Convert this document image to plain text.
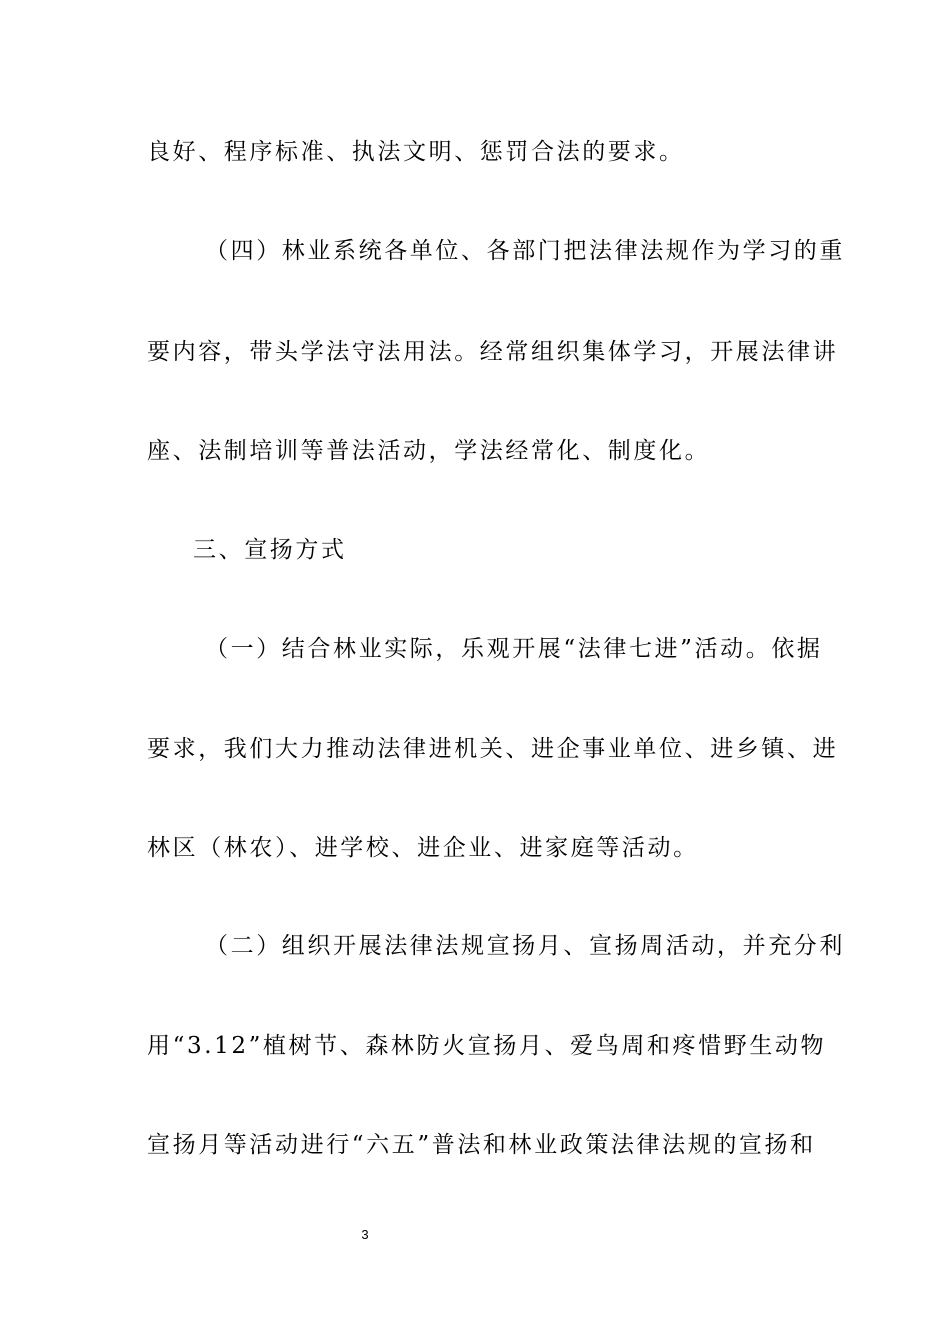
良好、程序标准、执法文明、惩罚合法的要求。
（四）林业系统各单位、各部门把法律法规作为学习的重
要内容，带头学法守法用法。经常组织集体学习，开展法律讲
座、法制培训等普法活动，学法经常化、制度化。
三、宣扬方式
（一）结合林业实际，乐观开展“法律七进”活动。依据
要求，我们大力推动法律进机关、进企事业单位、进乡镇、进
林区（林农）、进学校、进企业、进家庭等活动。
（二）组织开展法律法规宣扬月、宣扬周活动，并充分利
用“3.12”植树节、森林防火宣扬月、爱鸟周和疼惜野生动物
宣扬月等活动进行“六五”普法和林业政策法律法规的宣扬和
3
